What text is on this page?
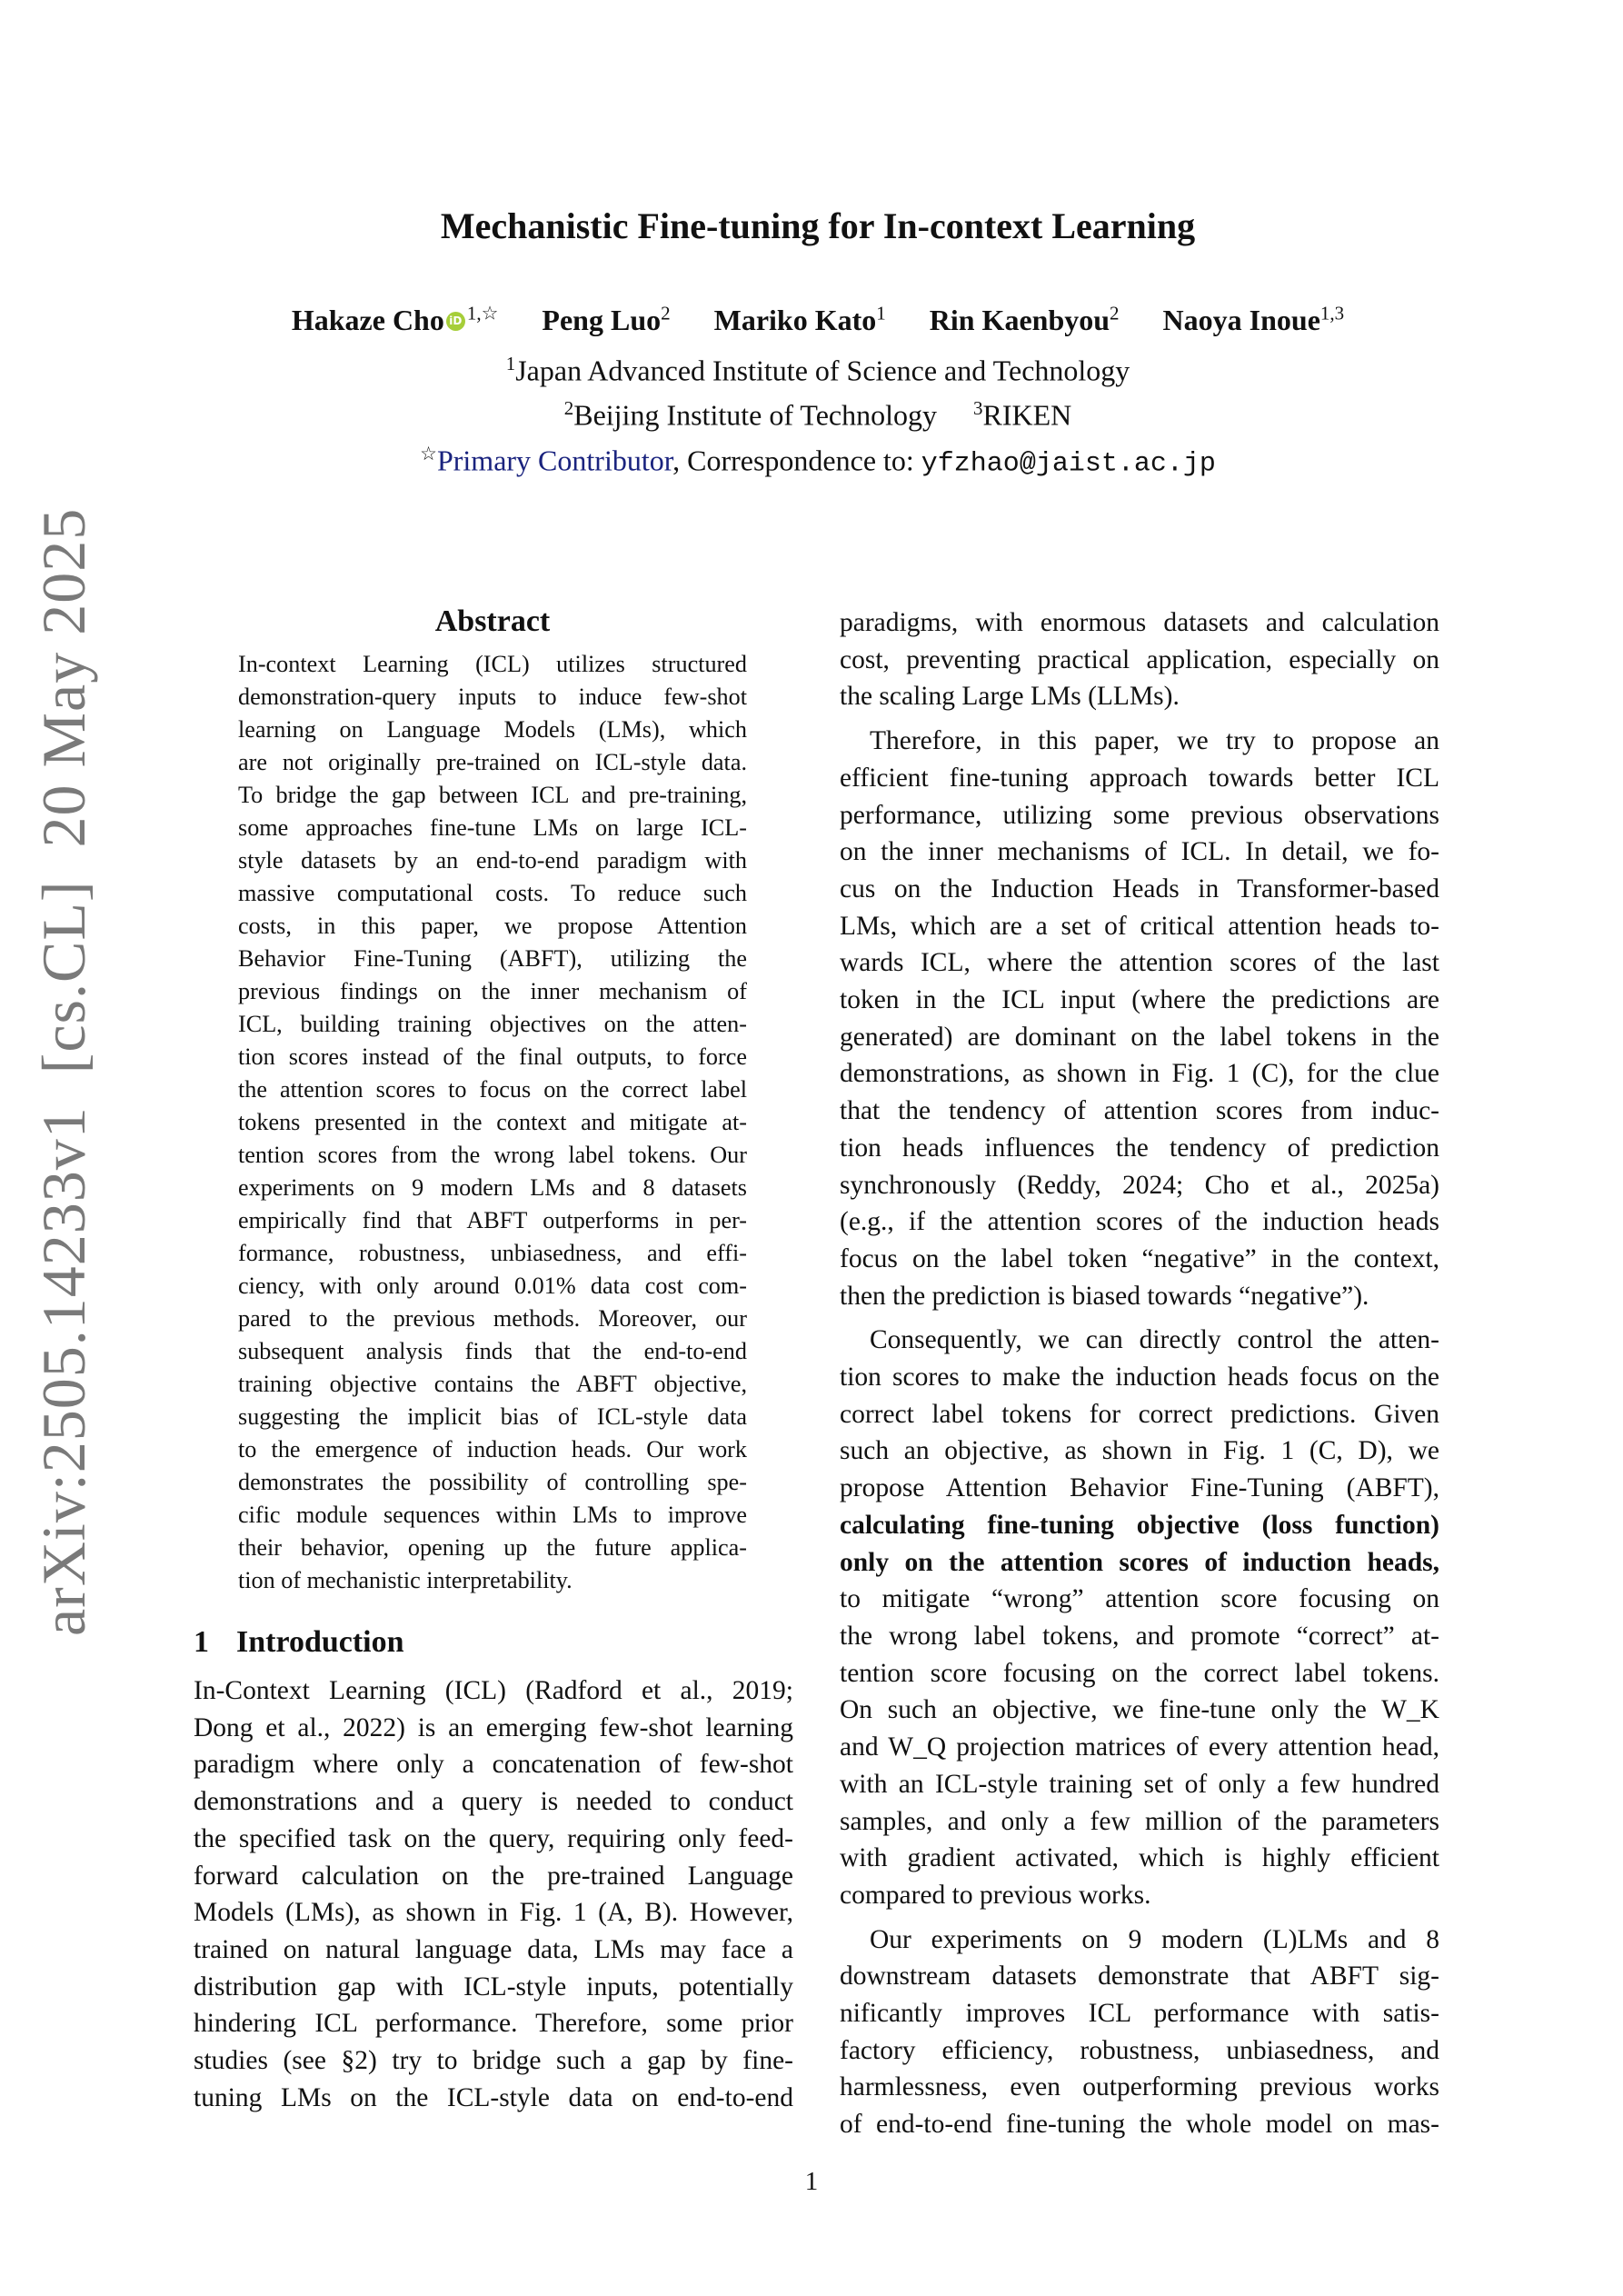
arXiv:2505.14233v1  [cs.CL]  20 May 2025
Mechanistic Fine-tuning for In-context Learning
Hakaze Cho iD $^{1,☆}$ Peng Luo$^2$ Mariko Kato$^1$ Rin Kaenbyou$^2$ Naoya Inoue$^{1,3}$
$^1$Japan Advanced Institute of Science and Technology
$^2$Beijing Institute of Technology $^3$RIKEN
☆Primary Contributor, Correspondence to: yfzhao@jaist.ac.jp
Abstract
In-context Learning (ICL) utilizes structured
demonstration-query inputs to induce few-shot
learning on Language Models (LMs), which
are not originally pre-trained on ICL-style data.
To bridge the gap between ICL and pre-training,
some approaches fine-tune LMs on large ICL-
style datasets by an end-to-end paradigm with
massive computational costs. To reduce such
costs, in this paper, we propose Attention
Behavior Fine-Tuning (ABFT), utilizing the
previous findings on the inner mechanism of
ICL, building training objectives on the atten-
tion scores instead of the final outputs, to force
the attention scores to focus on the correct label
tokens presented in the context and mitigate at-
tention scores from the wrong label tokens. Our
experiments on 9 modern LMs and 8 datasets
empirically find that ABFT outperforms in per-
formance, robustness, unbiasedness, and effi-
ciency, with only around 0.01% data cost com-
pared to the previous methods. Moreover, our
subsequent analysis finds that the end-to-end
training objective contains the ABFT objective,
suggesting the implicit bias of ICL-style data
to the emergence of induction heads. Our work
demonstrates the possibility of controlling spe-
cific module sequences within LMs to improve
their behavior, opening up the future applica-
tion of mechanistic interpretability.
1 Introduction

In-Context Learning (ICL) (Radford et al., 2019;
Dong et al., 2022) is an emerging few-shot learning
paradigm where only a concatenation of few-shot
demonstrations and a query is needed to conduct
the specified task on the query, requiring only feed-
forward calculation on the pre-trained Language
Models (LMs), as shown in Fig. 1 (A, B). However,
trained on natural language data, LMs may face a
distribution gap with ICL-style inputs, potentially
hindering ICL performance. Therefore, some prior
studies (see §2) try to bridge such a gap by fine-
tuning LMs on the ICL-style data on end-to-end

paradigms, with enormous datasets and calculation
cost, preventing practical application, especially on
the scaling Large LMs (LLMs).

Therefore, in this paper, we try to propose an
efficient fine-tuning approach towards better ICL
performance, utilizing some previous observations
on the inner mechanisms of ICL. In detail, we fo-
cus on the Induction Heads in Transformer-based
LMs, which are a set of critical attention heads to-
wards ICL, where the attention scores of the last
token in the ICL input (where the predictions are
generated) are dominant on the label tokens in the
demonstrations, as shown in Fig. 1 (C), for the clue
that the tendency of attention scores from induc-
tion heads influences the tendency of prediction
synchronously (Reddy, 2024; Cho et al., 2025a)
(e.g., if the attention scores of the induction heads
focus on the label token “negative” in the context,
then the prediction is biased towards “negative”).

Consequently, we can directly control the atten-
tion scores to make the induction heads focus on the
correct label tokens for correct predictions. Given
such an objective, as shown in Fig. 1 (C, D), we
propose Attention Behavior Fine-Tuning (ABFT),
calculating fine-tuning objective (loss function)
only on the attention scores of induction heads,
to mitigate “wrong” attention score focusing on
the wrong label tokens, and promote “correct” at-
tention score focusing on the correct label tokens.
On such an objective, we fine-tune only the W_K
and W_Q projection matrices of every attention head,
with an ICL-style training set of only a few hundred
samples, and only a few million of the parameters
with gradient activated, which is highly efficient
compared to previous works.

Our experiments on 9 modern (L)LMs and 8
downstream datasets demonstrate that ABFT sig-
nificantly improves ICL performance with satis-
factory efficiency, robustness, unbiasedness, and
harmlessness, even outperforming previous works
of end-to-end fine-tuning the whole model on mas-

1
